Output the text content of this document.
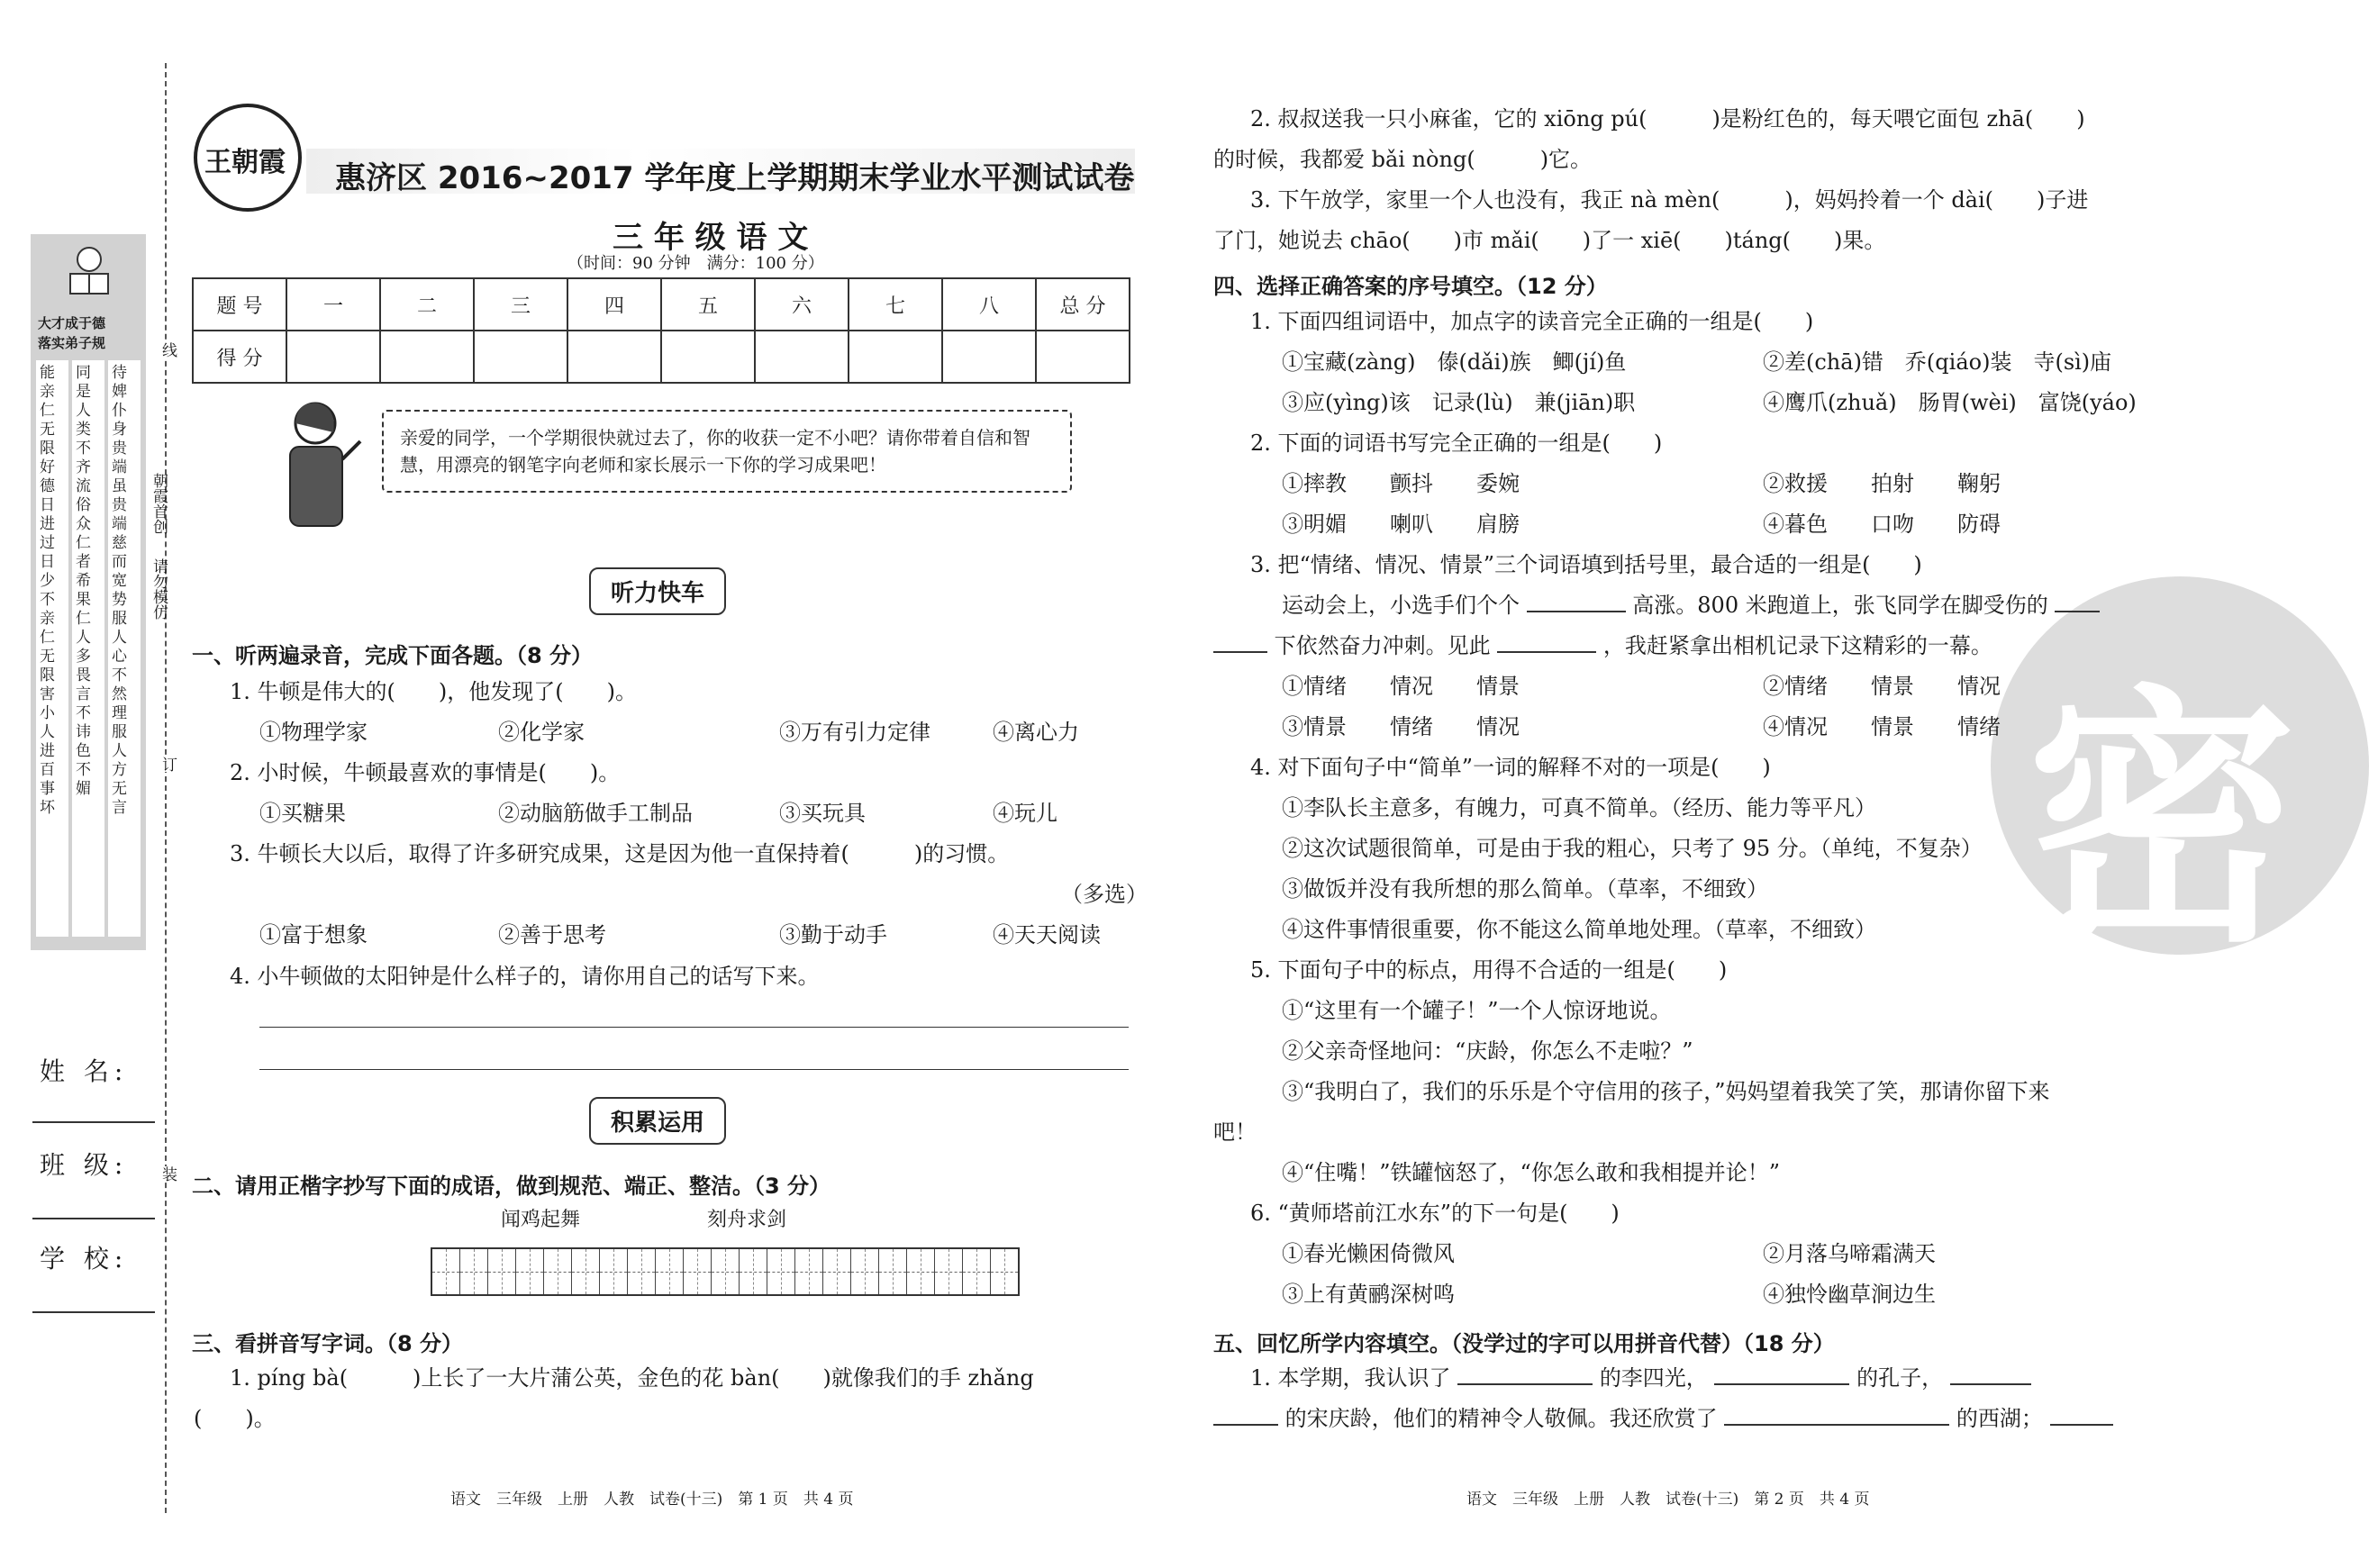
大才成于德
落实弟子规
能亲仁无限好德日进过日少不亲仁无限害小人进百事坏
同是人类不齐流俗众仁者希果仁人多畏言不讳色不媚
待婢仆身贵端虽贵端慈而宽势服人心不然理服人方无言
姓 名:
班 级:
学 校:
线
朝霞首创
请勿模仿
订
装
王朝霞 惠济区 2016~2017 学年度上学期期末学业水平测试试卷
三 年 级 语 文
（时间：90 分钟　满分：100 分）
题 号	一	二	三	四	五	六	七	八	总 分
得 分									
亲爱的同学，一个学期很快就过去了，你的收获一定不小吧？请你带着自信和智慧，用漂亮的钢笔字向老师和家长展示一下你的学习成果吧！
听力快车
一、听两遍录音，完成下面各题。（8 分）
1. 牛顿是伟大的(　　)，他发现了(　　)。
①物理学家	②化学家	③万有引力定律	④离心力
2. 小时候，牛顿最喜欢的事情是(　　)。
①买糖果	②动脑筋做手工制品	③买玩具	④玩儿
3. 牛顿长大以后，取得了许多研究成果，这是因为他一直保持着(　　　)的习惯。
（多选）
①富于想象	②善于思考	③勤于动手	④天天阅读
4. 小牛顿做的太阳钟是什么样子的，请你用自己的话写下来。
积累运用
二、请用正楷字抄写下面的成语，做到规范、端正、整洁。（3 分）
闻鸡起舞	刻舟求剑
三、看拼音写字词。（8 分）
1. píng bà(　　　)上长了一大片蒲公英，金色的花 bàn(　　)就像我们的手 zhǎng
(　　)。
语文　三年级　上册　人教　试卷(十三)　第 1 页　共 4 页
密
2. 叔叔送我一只小麻雀，它的 xiōng pú(　　　)是粉红色的，每天喂它面包 zhā(　　)
的时候，我都爱 bǎi nòng(　　　)它。
3. 下午放学，家里一个人也没有，我正 nà mèn(　　　)，妈妈拎着一个 dài(　　)子进
了门，她说去 chāo(　　)市 mǎi(　　)了一 xiē(　　)táng(　　)果。
四、选择正确答案的序号填空。（12 分）
1. 下面四组词语中，加点字的读音完全正确的一组是(　　)
①宝藏(zàng)　傣(dǎi)族　鲫(jí)鱼	②差(chā)错　乔(qiáo)装　寺(sì)庙
③应(yìng)该　记录(lù)　兼(jiān)职	④鹰爪(zhuǎ)　肠胃(wèi)　富饶(yáo)
2. 下面的词语书写完全正确的一组是(　　)
①摔教　　颤抖　　委婉	②救援　　拍射　　鞠躬
③明媚　　喇叭　　肩膀	④暮色　　口吻　　防碍
3. 把“情绪、情况、情景”三个词语填到括号里，最合适的一组是(　　)
运动会上，小选手们个个	高涨。800 米跑道上，张飞同学在脚受伤的
下依然奋力冲刺。见此	，我赶紧拿出相机记录下这精彩的一幕。
①情绪　　情况　　情景	②情绪　　情景　　情况
③情景　　情绪　　情况	④情况　　情景　　情绪
4. 对下面句子中“简单”一词的解释不对的一项是(　　)
①李队长主意多，有魄力，可真不简单。（经历、能力等平凡）
②这次试题很简单，可是由于我的粗心，只考了 95 分。（单纯，不复杂）
③做饭并没有我所想的那么简单。（草率，不细致）
④这件事情很重要，你不能这么简单地处理。（草率，不细致）
5. 下面句子中的标点，用得不合适的一组是(　　)
①“这里有一个罐子！”一个人惊讶地说。
②父亲奇怪地问：“庆龄，你怎么不走啦？”
③“我明白了，我们的乐乐是个守信用的孩子，”妈妈望着我笑了笑，那请你留下来
吧！
④“住嘴！”铁罐恼怒了，“你怎么敢和我相提并论！”
6. “黄师塔前江水东”的下一句是(　　)
①春光懒困倚微风	②月落乌啼霜满天
③上有黄鹂深树鸣	④独怜幽草涧边生
五、回忆所学内容填空。（没学过的字可以用拼音代替）（18 分）
1. 本学期，我认识了	的李四光，	的孔子，
的宋庆龄，他们的精神令人敬佩。我还欣赏了	的西湖；
语文　三年级　上册　人教　试卷(十三)　第 2 页　共 4 页
